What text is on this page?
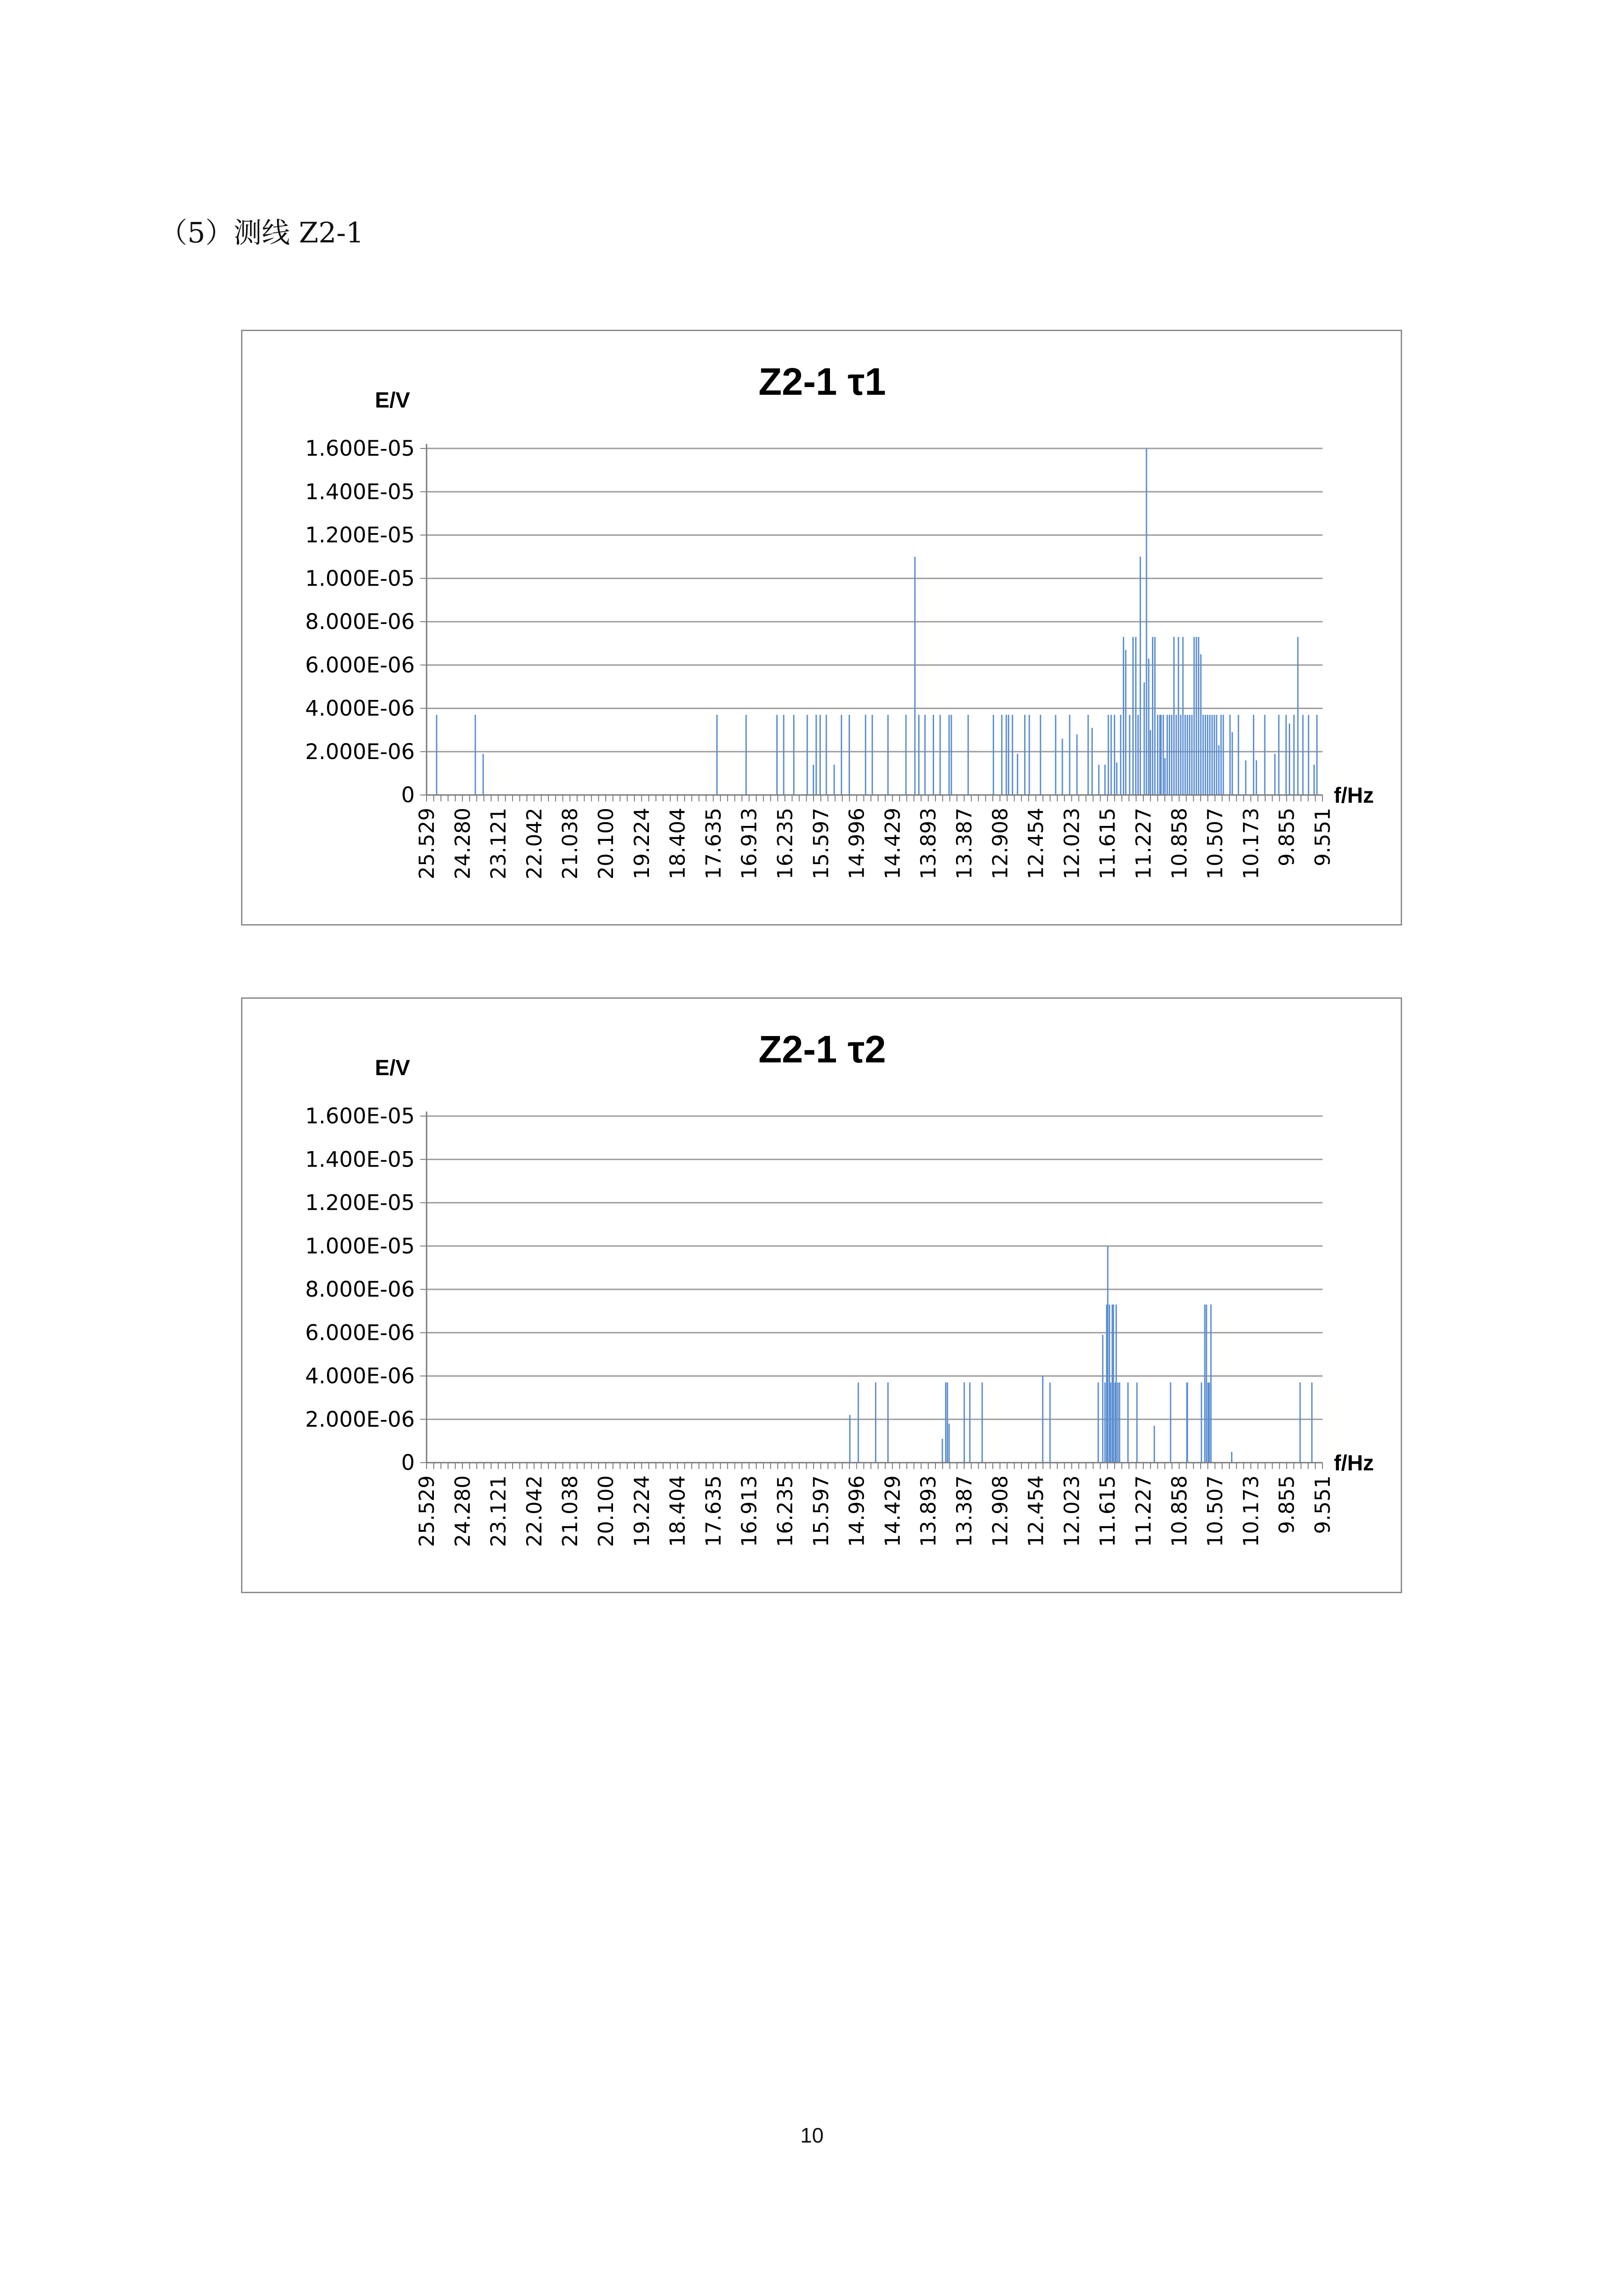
（5）测线 Z2-1
Z2-1 τ1
E/V
f/Hz
0
2.000E-06
4.000E-06
6.000E-06
8.000E-06
1.000E-05
1.200E-05
1.400E-05
1.600E-05
25.529 24.280 23.121 22.042 21.038 20.100 19.224 18.404 17.635 16.913 16.235 15.597 14.996 14.429 13.893 13.387 12.908 12.454 12.023 11.615 11.227 10.858 10.507 10.173 9.855 9.551
Z2-1 τ2
E/V
f/Hz
0
2.000E-06
4.000E-06
6.000E-06
8.000E-06
1.000E-05
1.200E-05
1.400E-05
1.600E-05
25.529 24.280 23.121 22.042 21.038 20.100 19.224 18.404 17.635 16.913 16.235 15.597 14.996 14.429 13.893 13.387 12.908 12.454 12.023 11.615 11.227 10.858 10.507 10.173 9.855 9.551
10
